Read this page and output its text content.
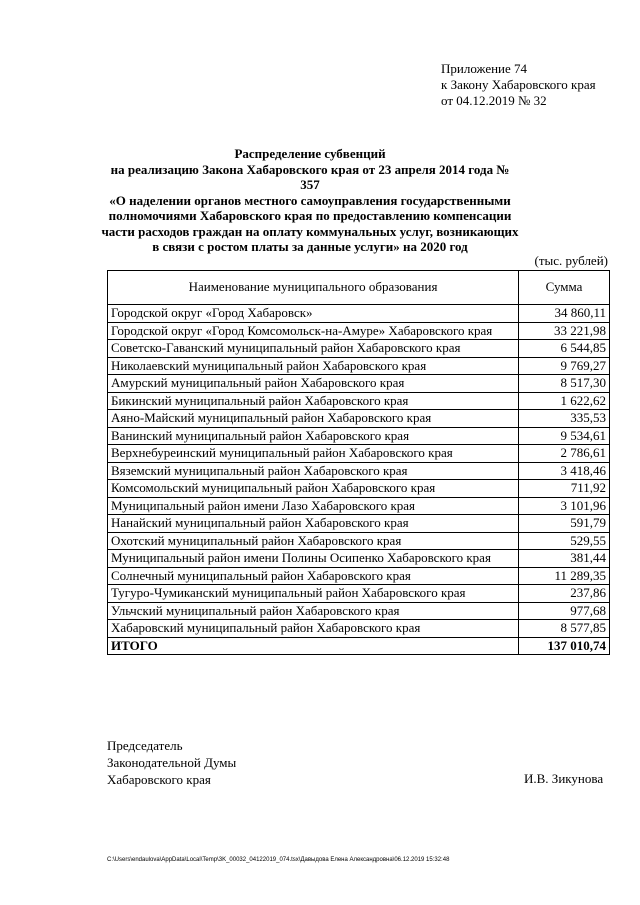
Приложение 74
к Закону Хабаровского края
от 04.12.2019 № 32
Распределение субвенций
на реализацию Закона Хабаровского края от 23 апреля 2014 года № 357
«О наделении органов местного самоуправления государственными полномочиями Хабаровского края по предоставлению компенсации части расходов граждан на оплату коммунальных услуг, возникающих в связи с ростом платы за данные услуги» на 2020 год
(тыс. рублей)
Наименование муниципального образования	Сумма
Городской округ «Город Хабаровск»	34 860,11
Городской округ «Город Комсомольск-на-Амуре» Хабаровского края	33 221,98
Советско-Гаванский муниципальный район Хабаровского края	6 544,85
Николаевский муниципальный район Хабаровского края	9 769,27
Амурский муниципальный район Хабаровского края	8 517,30
Бикинский муниципальный район Хабаровского края	1 622,62
Аяно-Майский муниципальный район Хабаровского края	335,53
Ванинский муниципальный район Хабаровского края	9 534,61
Верхнебуреинский муниципальный район Хабаровского края	2 786,61
Вяземский муниципальный район Хабаровского края	3 418,46
Комсомольский муниципальный район Хабаровского края	711,92
Муниципальный район имени Лазо Хабаровского края	3 101,96
Нанайский муниципальный район Хабаровского края	591,79
Охотский муниципальный район Хабаровского края	529,55
Муниципальный район имени Полины Осипенко Хабаровского края	381,44
Солнечный муниципальный район Хабаровского края	11 289,35
Тугуро-Чумиканский муниципальный район Хабаровского края	237,86
Ульчский муниципальный район Хабаровского края	977,68
Хабаровский муниципальный район Хабаровского края	8 577,85
ИТОГО	137 010,74
Председатель
Законодательной Думы
Хабаровского края	И.В. Зикунова
C:\Users\endaulova\AppData\Local\Temp\3K_00032_04122019_074.tsx\Давыдова Елена Александровна\06.12.2019 15:32:48
